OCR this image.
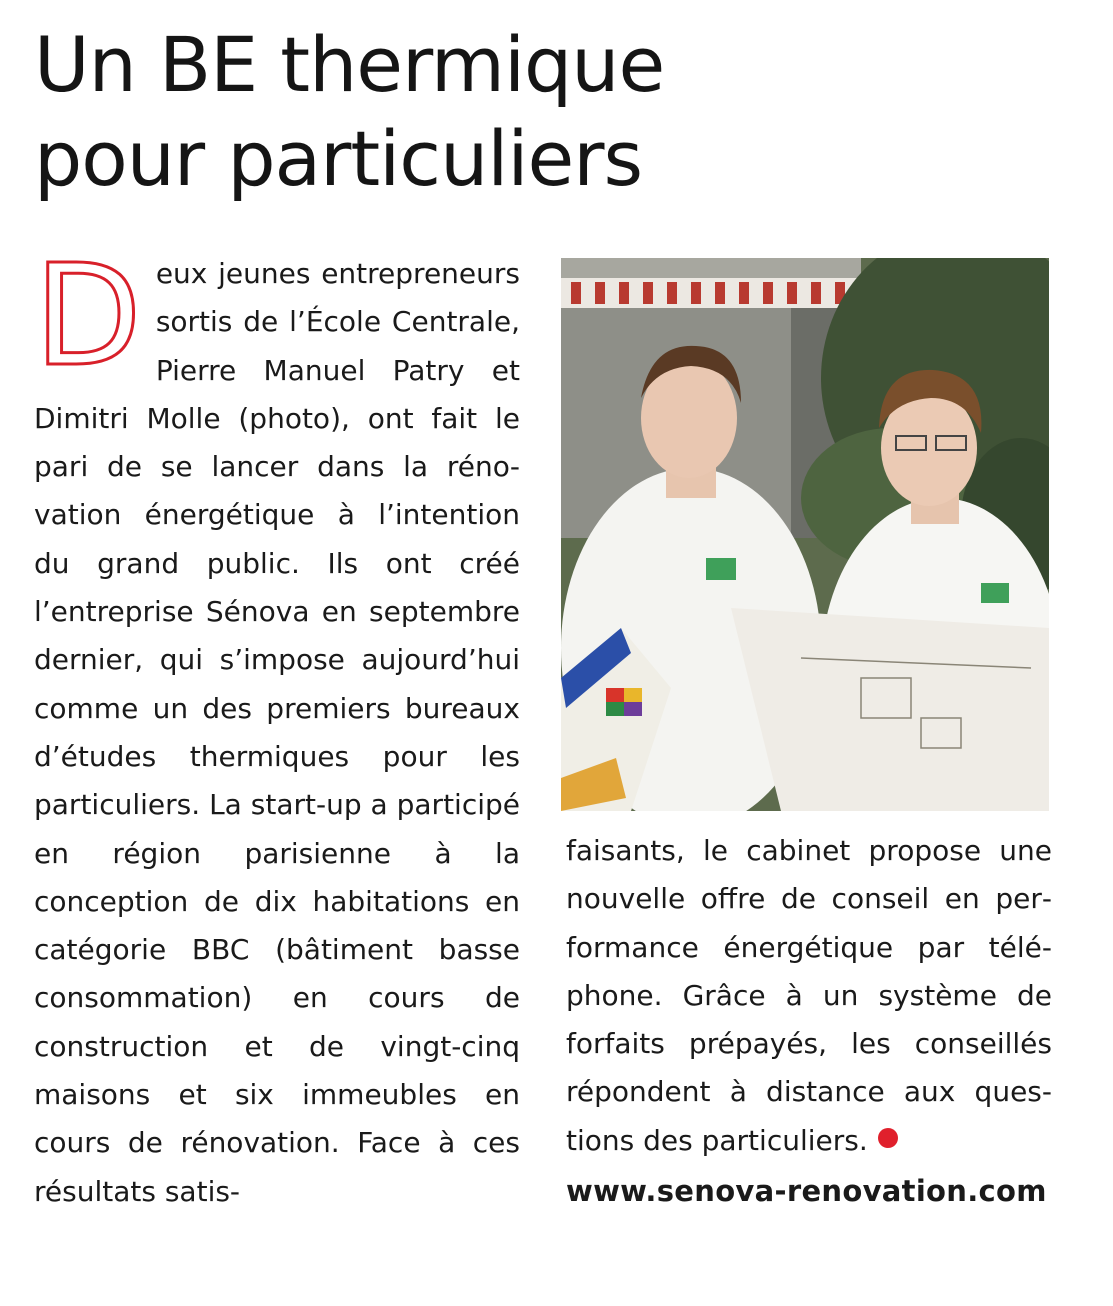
Un BE thermique
pour particuliers
D eux jeunes entrepreneurs sortis de l’École Centrale, Pierre Manuel Patry et Dimitri Molle (photo), ont fait le pari de se lancer dans la rénovation énergétique à l’intention du grand public. Ils ont créé l’entreprise Sénova en septembre dernier, qui s’impose aujourd’hui comme un des premiers bureaux d’études thermiques pour les particuliers. La start-up a participé en région parisienne à la conception de dix habitations en catégorie BBC (bâtiment basse consommation) en cours de construction et de vingt-cinq maisons et six immeubles en cours de rénovation. Face à ces résultats satis-

faisants, le cabinet propose une nouvelle offre de conseil en performance énergétique par téléphone. Grâce à un système de forfaits prépayés, les conseillés répondent à distance aux questions des particuliers.

www.senova-renovation.com
